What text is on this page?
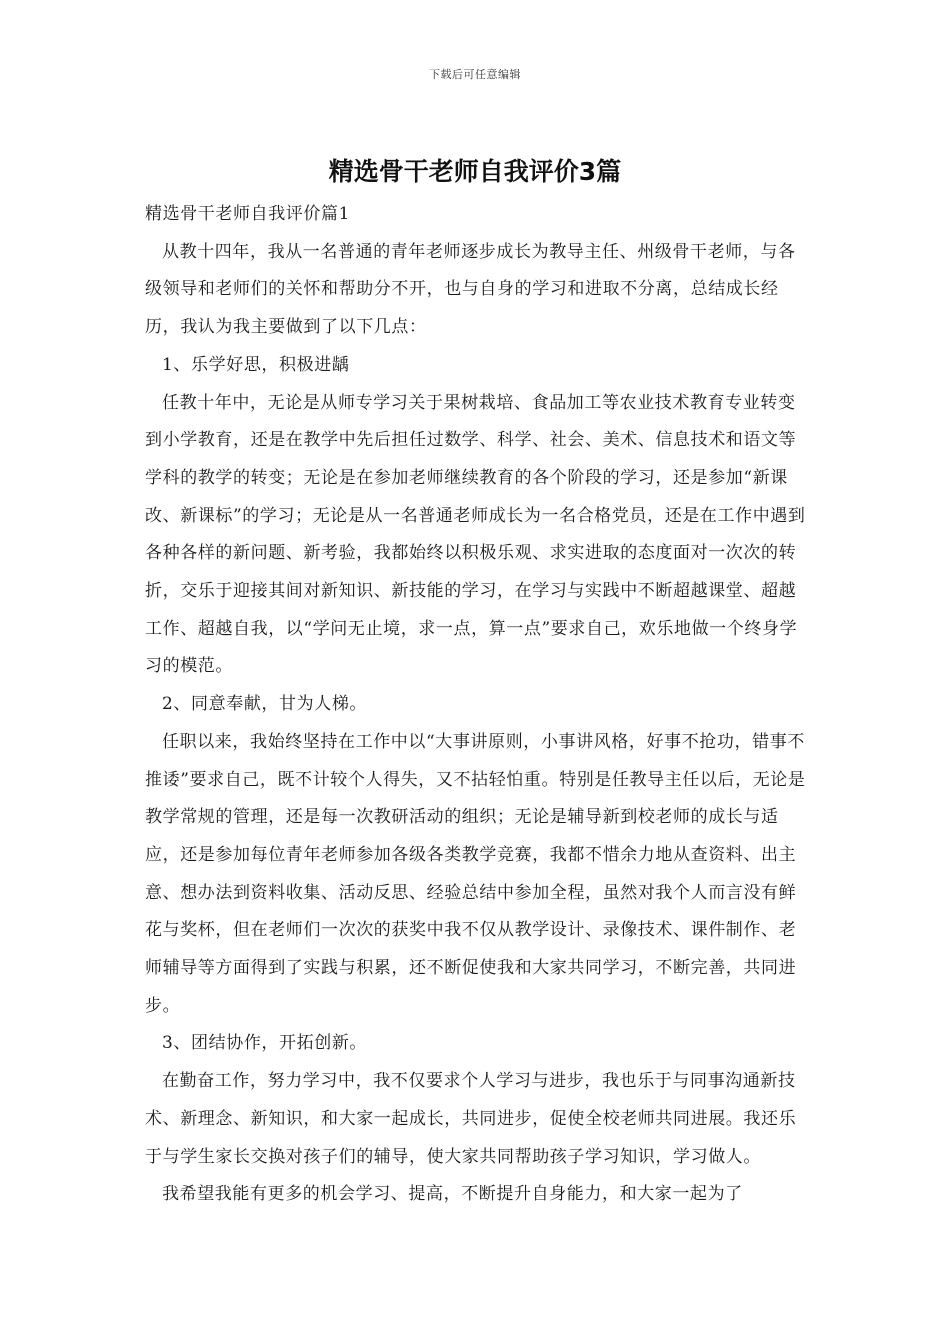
下载后可任意编辑
精选骨干老师自我评价3篇

精选骨干老师自我评价篇1

从教十四年，我从一名普通的青年老师逐步成长为教导主任、州级骨干老师，与各级领导和老师们的关怀和帮助分不开，也与自身的学习和进取不分离，总结成长经历，我认为我主要做到了以下几点：

1、乐学好思，积极进龋

任教十年中，无论是从师专学习关于果树栽培、食品加工等农业技术教育专业转变到小学教育，还是在教学中先后担任过数学、科学、社会、美术、信息技术和语文等学科的教学的转变；无论是在参加老师继续教育的各个阶段的学习，还是参加“新课改、新课标”的学习；无论是从一名普通老师成长为一名合格党员，还是在工作中遇到各种各样的新问题、新考验，我都始终以积极乐观、求实进取的态度面对一次次的转折，交乐于迎接其间对新知识、新技能的学习，在学习与实践中不断超越课堂、超越工作、超越自我，以“学问无止境，求一点，算一点”要求自己，欢乐地做一个终身学习的模范。

2、同意奉献，甘为人梯。

任职以来，我始终坚持在工作中以“大事讲原则，小事讲风格，好事不抢功，错事不推诿”要求自己，既不计较个人得失，又不拈轻怕重。特别是任教导主任以后，无论是教学常规的管理，还是每一次教研活动的组织；无论是辅导新到校老师的成长与适应，还是参加每位青年老师参加各级各类教学竞赛，我都不惜余力地从查资料、出主意、想办法到资料收集、活动反思、经验总结中参加全程，虽然对我个人而言没有鲜花与奖杯，但在老师们一次次的获奖中我不仅从教学设计、录像技术、课件制作、老师辅导等方面得到了实践与积累，还不断促使我和大家共同学习，不断完善，共同进步。

3、团结协作，开拓创新。

在勤奋工作，努力学习中，我不仅要求个人学习与进步，我也乐于与同事沟通新技术、新理念、新知识，和大家一起成长，共同进步，促使全校老师共同进展。我还乐于与学生家长交换对孩子们的辅导，使大家共同帮助孩子学习知识，学习做人。

我希望我能有更多的机会学习、提高，不断提升自身能力，和大家一起为了
